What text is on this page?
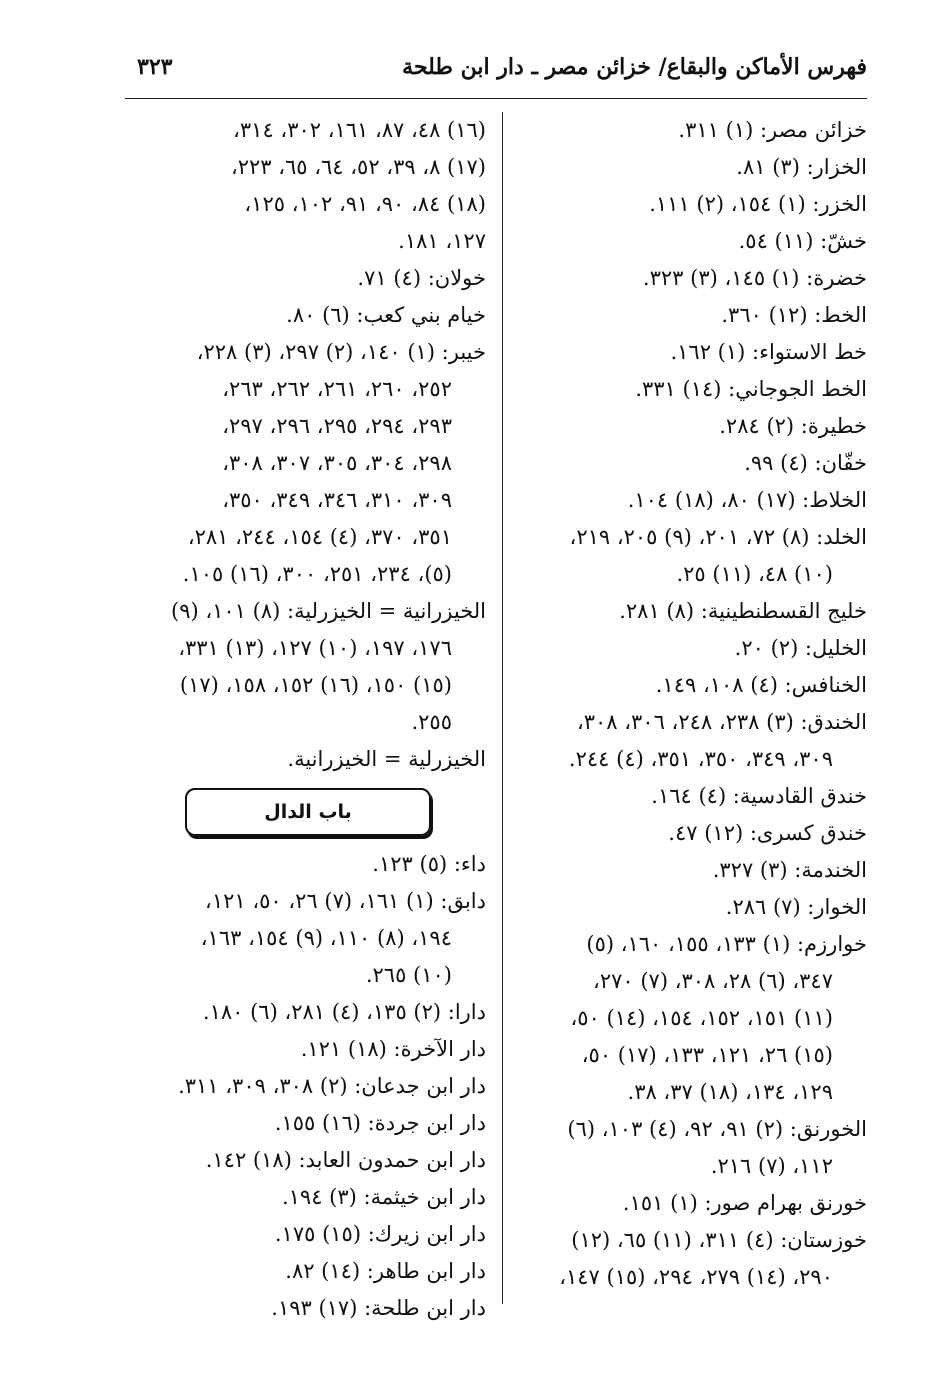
فهرس الأماكن والبقاع/ خزائن مصر ـ دار ابن طلحة
٣٢٣
خزائن مصر: (١) ٣١١.
الخزار: (٣) ٨١.
الخزر: (١) ١٥٤، (٢) ١١١.
خشّ: (١١) ٥٤.
خضرة: (١) ١٤٥، (٣) ٣٢٣.
الخط: (١٢) ٣٦٠.
خط الاستواء: (١) ١٦٢.
الخط الجوجاني: (١٤) ٣٣١.
خطيرة: (٢) ٢٨٤.
خفّان: (٤) ٩٩.
الخلاط: (١٧) ٨٠، (١٨) ١٠٤.
الخلد: (٨) ٧٢، ٢٠١، (٩) ٢٠٥، ٢١٩،
(١٠) ٤٨، (١١) ٢٥.
خليج القسطنطينية: (٨) ٢٨١.
الخليل: (٢) ٢٠.
الخنافس: (٤) ١٠٨، ١٤٩.
الخندق: (٣) ٢٣٨، ٢٤٨، ٣٠٦، ٣٠٨،
٣٠٩، ٣٤٩، ٣٥٠، ٣٥١، (٤) ٢٤٤.
خندق القادسية: (٤) ١٦٤.
خندق كسرى: (١٢) ٤٧.
الخندمة: (٣) ٣٢٧.
الخوار: (٧) ٢٨٦.
خوارزم: (١) ١٣٣، ١٥٥، ١٦٠، (٥)
٣٤٧، (٦) ٢٨، ٣٠٨، (٧) ٢٧٠،
(١١) ١٥١، ١٥٢، ١٥٤، (١٤) ٥٠،
(١٥) ٢٦، ١٢١، ١٣٣، (١٧) ٥٠،
١٢٩، ١٣٤، (١٨) ٣٧، ٣٨.
الخورنق: (٢) ٩١، ٩٢، (٤) ١٠٣، (٦)
١١٢، (٧) ٢١٦.
خورنق بهرام صور: (١) ١٥١.
خوزستان: (٤) ٣١١، (١١) ٦٥، (١٢)
٢٩٠، (١٤) ٢٧٩، ٢٩٤، (١٥) ١٤٧،
(١٦) ٤٨، ٨٧، ١٦١، ٣٠٢، ٣١٤،
(١٧) ٨، ٣٩، ٥٢، ٦٤، ٦٥، ٢٢٣،
(١٨) ٨٤، ٩٠، ٩١، ١٠٢، ١٢٥،
١٢٧، ١٨١.
خولان: (٤) ٧١.
خيام بني كعب: (٦) ٨٠.
خيبر: (١) ١٤٠، (٢) ٢٩٧، (٣) ٢٢٨،
٢٥٢، ٢٦٠، ٢٦١، ٢٦٢، ٢٦٣،
٢٩٣، ٢٩٤، ٢٩٥، ٢٩٦، ٢٩٧،
٢٩٨، ٣٠٤، ٣٠٥، ٣٠٧، ٣٠٨،
٣٠٩، ٣١٠، ٣٤٦، ٣٤٩، ٣٥٠،
٣٥١، ٣٧٠، (٤) ١٥٤، ٢٤٤، ٢٨١،
(٥)، ٢٣٤، ٢٥١، ٣٠٠، (١٦) ١٠٥.
الخيزرانية = الخيزرلية: (٨) ١٠١، (٩)
١٧٦، ١٩٧، (١٠) ١٢٧، (١٣) ٣٣١،
(١٥) ١٥٠، (١٦) ١٥٢، ١٥٨، (١٧)
٢٥٥.
الخيزرلية = الخيزرانية.
باب الدال
داء: (٥) ١٢٣.
دابق: (١) ١٦١، (٧) ٢٦، ٥٠، ١٢١،
١٩٤، (٨) ١١٠، (٩) ١٥٤، ١٦٣،
(١٠) ٢٦٥.
دارا: (٢) ١٣٥، (٤) ٢٨١، (٦) ١٨٠.
دار الآخرة: (١٨) ١٢١.
دار ابن جدعان: (٢) ٣٠٨، ٣٠٩، ٣١١.
دار ابن جردة: (١٦) ١٥٥.
دار ابن حمدون العابد: (١٨) ١٤٢.
دار ابن خيثمة: (٣) ١٩٤.
دار ابن زيرك: (١٥) ١٧٥.
دار ابن طاهر: (١٤) ٨٢.
دار ابن طلحة: (١٧) ١٩٣.
